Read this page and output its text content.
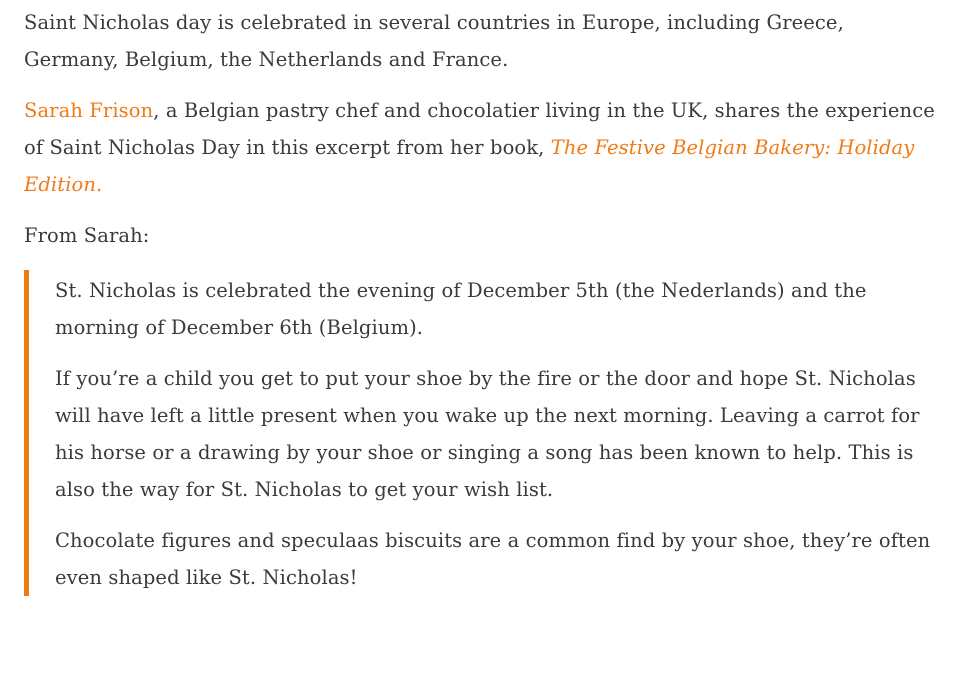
Saint Nicholas day is celebrated in several countries in Europe, including Greece, Germany, Belgium, the Netherlands and France.

Sarah Frison, a Belgian pastry chef and chocolatier living in the UK, shares the experience of Saint Nicholas Day in this excerpt from her book, The Festive Belgian Bakery: Holiday Edition.

From Sarah:

St. Nicholas is celebrated the evening of December 5th (the Nederlands) and the morning of December 6th (Belgium).

If you’re a child you get to put your shoe by the fire or the door and hope St. Nicholas will have left a little present when you wake up the next morning. Leaving a carrot for his horse or a drawing by your shoe or singing a song has been known to help. This is also the way for St. Nicholas to get your wish list.

Chocolate figures and speculaas biscuits are a common find by your shoe, they’re often even shaped like St. Nicholas!
